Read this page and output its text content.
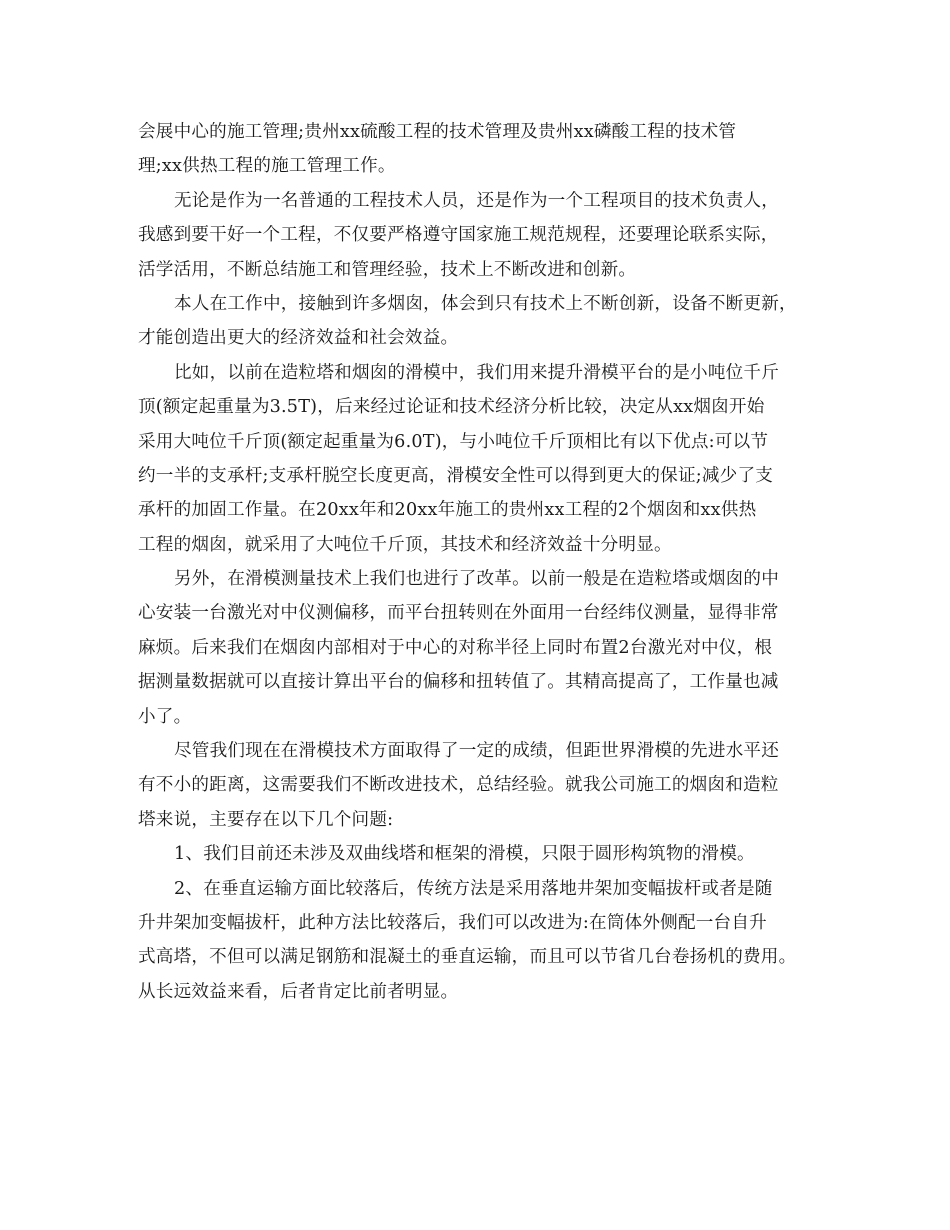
会展中心的施工管理;贵州xx硫酸工程的技术管理及贵州xx磷酸工程的技术管
理;xx供热工程的施工管理工作。
无论是作为一名普通的工程技术人员，还是作为一个工程项目的技术负责人，
我感到要干好一个工程，不仅要严格遵守国家施工规范规程，还要理论联系实际，
活学活用，不断总结施工和管理经验，技术上不断改进和创新。
本人在工作中，接触到许多烟囱，体会到只有技术上不断创新，设备不断更新，
才能创造出更大的经济效益和社会效益。
比如，以前在造粒塔和烟囱的滑模中，我们用来提升滑模平台的是小吨位千斤
顶(额定起重量为3.5T)，后来经过论证和技术经济分析比较，决定从xx烟囱开始
采用大吨位千斤顶(额定起重量为6.0T)，与小吨位千斤顶相比有以下优点:可以节
约一半的支承杆;支承杆脱空长度更高，滑模安全性可以得到更大的保证;减少了支
承杆的加固工作量。在20xx年和20xx年施工的贵州xx工程的2个烟囱和xx供热
工程的烟囱，就采用了大吨位千斤顶，其技术和经济效益十分明显。
另外，在滑模测量技术上我们也进行了改革。以前一般是在造粒塔或烟囱的中
心安装一台激光对中仪测偏移，而平台扭转则在外面用一台经纬仪测量，显得非常
麻烦。后来我们在烟囱内部相对于中心的对称半径上同时布置2台激光对中仪，根
据测量数据就可以直接计算出平台的偏移和扭转值了。其精高提高了，工作量也减
小了。
尽管我们现在在滑模技术方面取得了一定的成绩，但距世界滑模的先进水平还
有不小的距离，这需要我们不断改进技术，总结经验。就我公司施工的烟囱和造粒
塔来说，主要存在以下几个问题:
1、我们目前还未涉及双曲线塔和框架的滑模，只限于圆形构筑物的滑模。
2、在垂直运输方面比较落后，传统方法是采用落地井架加变幅拔杆或者是随
升井架加变幅拔杆，此种方法比较落后，我们可以改进为:在筒体外侧配一台自升
式高塔，不但可以满足钢筋和混凝土的垂直运输，而且可以节省几台卷扬机的费用。
从长远效益来看，后者肯定比前者明显。
